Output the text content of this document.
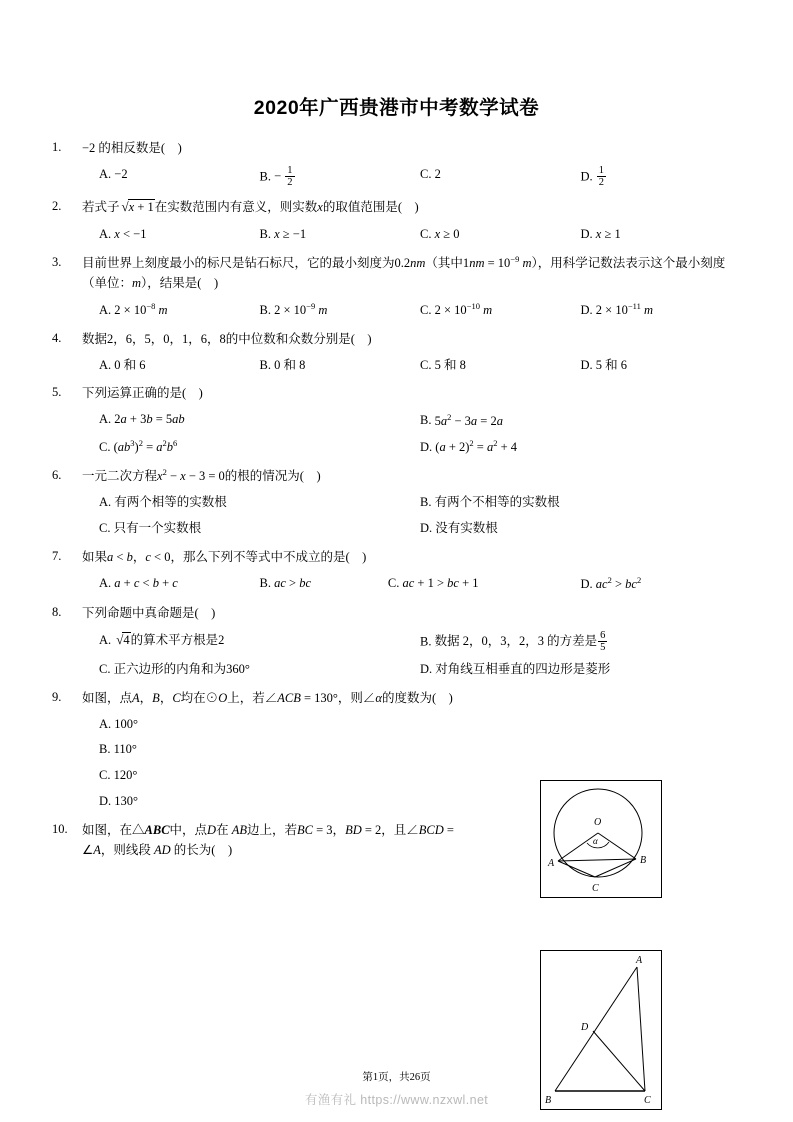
2020年广西贵港市中考数学试卷
1.	−2 的相反数是(　)
A. −2	B. − $\frac{1}{2}$	C. 2	D. $\frac{1}{2}$
2.	若式子 √x + 1在实数范围内有意义，则实数x的取值范围是(　)
A. x < −1	B. x ≥ −1	C. x ≥ 0	D. x ≥ 1
3.	目前世界上刻度最小的标尺是钻石标尺，它的最小刻度为0.2nm（其中$1nm = 10^{-9}$ m），用科学记数法表示这个最小刻度（单位：m），结果是(　)
A. $2 \times 10^{-8}$ m	B. $2 \times 10^{-9}$ m	C. $2 \times 10^{-10}$ m	D. $2 \times 10^{-11}$ m
4.	数据2，6，5，0，1，6，8的中位数和众数分别是(　)
A. 0 和 6	B. 0 和 8	C. 5 和 8	D. 5 和 6
5.	下列运算正确的是(　)
A. 2a + 3b = 5ab	B. $5a^2 - 3a = 2a$
C. $(ab^3)^2 = a^2b^6$	D. $(a + 2)^2 = a^2 + 4$
6.	一元二次方程$x^2 - x - 3 = 0$的根的情况为(　)
A. 有两个相等的实数根	B. 有两个不相等的实数根
C. 只有一个实数根	D. 没有实数根
7.	如果a < b，c < 0，那么下列不等式中不成立的是(　)
A. a + c < b + c	B. ac > bc	C. ac + 1 > bc + 1	D. $ac^2 > bc^2$
8.	下列命题中真命题是(　)
A. √4的算术平方根是2	B. 数据 2，0，3，2，3 的方差是 $\frac{6}{5}$
C. 正六边形的内角和为360°	D. 对角线互相垂直的四边形是菱形
9.	如图，点A，B，C均在⊙O上，若∠ACB = 130°，则∠α的度数为(　)
A. 100°
B. 110°
C. 120°
D. 130°
10.	如图，在△ABC中，点D在 AB边上，若BC = 3，BD = 2，且∠BCD = ∠A，则线段 AD 的长为(　)
O
α
A	B
C
A
D
B	C
第1页，共26页
有渔有礼 https://www.nzxwl.net
